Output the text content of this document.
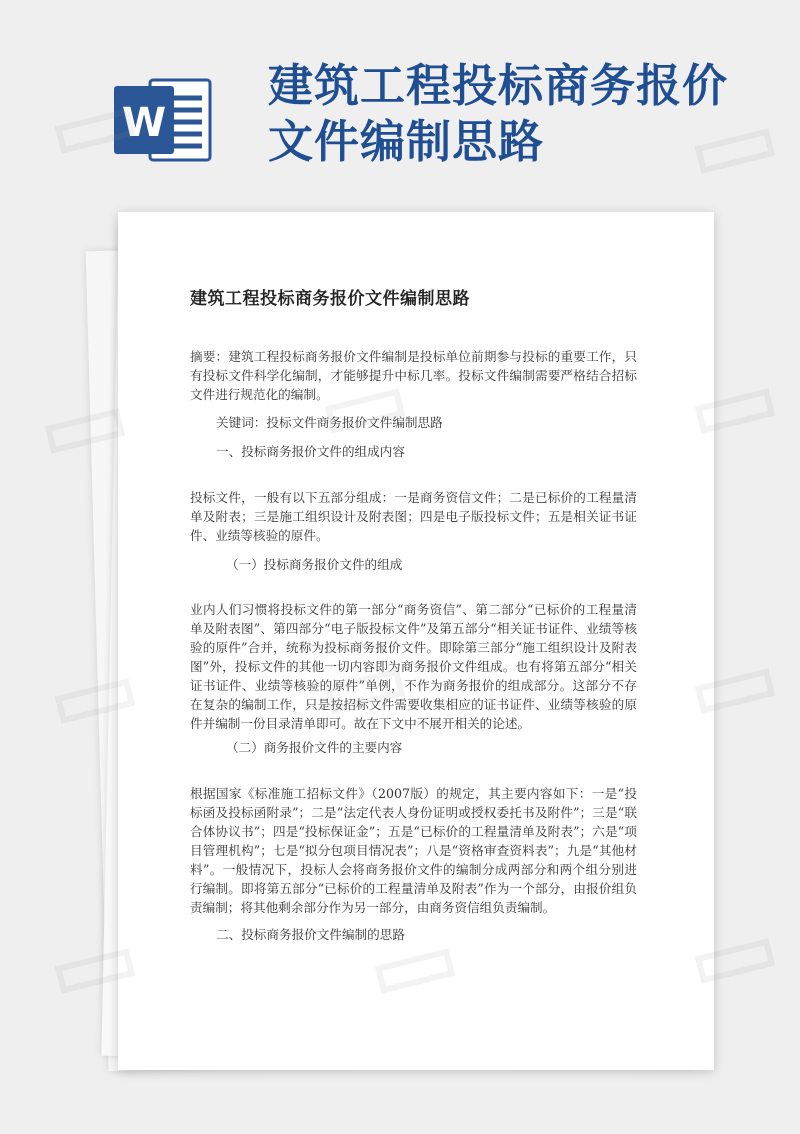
W
建筑工程投标商务报价
文件编制思路
建筑工程投标商务报价文件编制思路

摘要：建筑工程投标商务报价文件编制是投标单位前期参与投标的重要工作，只有投标文件科学化编制，才能够提升中标几率。投标文件编制需要严格结合招标文件进行规范化的编制。

关键词：投标文件商务报价文件编制思路

一、投标商务报价文件的组成内容

投标文件，一般有以下五部分组成：一是商务资信文件；二是已标价的工程量清单及附表；三是施工组织设计及附表图；四是电子版投标文件；五是相关证书证件、业绩等核验的原件。

（一）投标商务报价文件的组成

业内人们习惯将投标文件的第一部分“商务资信”、第二部分“已标价的工程量清单及附表图”、第四部分“电子版投标文件”及第五部分“相关证书证件、业绩等核验的原件”合并，统称为投标商务报价文件。即除第三部分“施工组织设计及附表图”外，投标文件的其他一切内容即为商务报价文件组成。也有将第五部分“相关证书证件、业绩等核验的原件”单例，不作为商务报价的组成部分。这部分不存在复杂的编制工作，只是按招标文件需要收集相应的证书证件、业绩等核验的原件并编制一份目录清单即可。故在下文中不展开相关的论述。

（二）商务报价文件的主要内容

根据国家《标准施工招标文件》（2007版）的规定，其主要内容如下：一是“投标函及投标函附录”；二是“法定代表人身份证明或授权委托书及附件”；三是“联合体协议书”；四是“投标保证金”；五是“已标价的工程量清单及附表”；六是“项目管理机构”；七是“拟分包项目情况表”；八是“资格审查资料表”；九是“其他材料”。一般情况下，投标人会将商务报价文件的编制分成两部分和两个组分别进行编制。即将第五部分“已标价的工程量清单及附表”作为一个部分，由报价组负责编制；将其他剩余部分作为另一部分，由商务资信组负责编制。

二、投标商务报价文件编制的思路
